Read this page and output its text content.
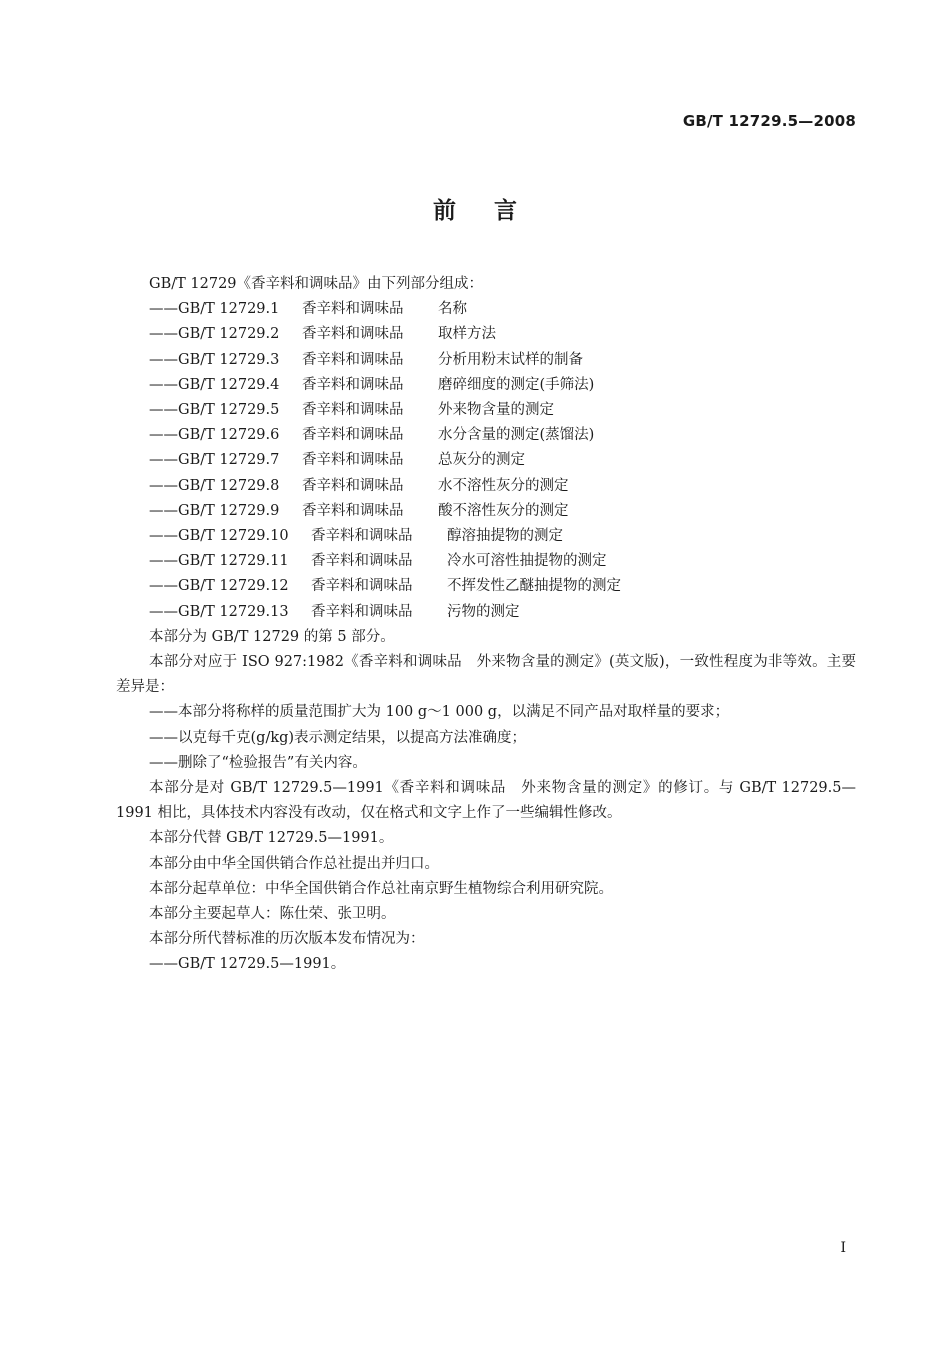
GB/T 12729.5—2008
前言

GB/T 12729《香辛料和调味品》由下列部分组成：

—— GB/T 12729.1	香辛料和调味品	名称
—— GB/T 12729.2	香辛料和调味品	取样方法
—— GB/T 12729.3	香辛料和调味品	分析用粉末试样的制备
—— GB/T 12729.4	香辛料和调味品	磨碎细度的测定(手筛法)
—— GB/T 12729.5	香辛料和调味品	外来物含量的测定
—— GB/T 12729.6	香辛料和调味品	水分含量的测定(蒸馏法)
—— GB/T 12729.7	香辛料和调味品	总灰分的测定
—— GB/T 12729.8	香辛料和调味品	水不溶性灰分的测定
—— GB/T 12729.9	香辛料和调味品	酸不溶性灰分的测定
—— GB/T 12729.10	香辛料和调味品	醇溶抽提物的测定
—— GB/T 12729.11	香辛料和调味品	冷水可溶性抽提物的测定
—— GB/T 12729.12	香辛料和调味品	不挥发性乙醚抽提物的测定
—— GB/T 12729.13	香辛料和调味品	污物的测定

本部分为 GB/T 12729 的第 5 部分。

本部分对应于 ISO 927:1982《香辛料和调味品　外来物含量的测定》(英文版)，一致性程度为非等效。主要差异是：

——本部分将称样的质量范围扩大为 100 g～1 000 g，以满足不同产品对取样量的要求；

——以克每千克(g/kg)表示测定结果，以提高方法准确度；

——删除了“检验报告”有关内容。

本部分是对 GB/T 12729.5—1991《香辛料和调味品　外来物含量的测定》的修订。与 GB/T 12729.5—1991 相比，具体技术内容没有改动，仅在格式和文字上作了一些编辑性修改。

本部分代替 GB/T 12729.5—1991。

本部分由中华全国供销合作总社提出并归口。

本部分起草单位：中华全国供销合作总社南京野生植物综合利用研究院。

本部分主要起草人：陈仕荣、张卫明。

本部分所代替标准的历次版本发布情况为：

——GB/T 12729.5—1991。

I
